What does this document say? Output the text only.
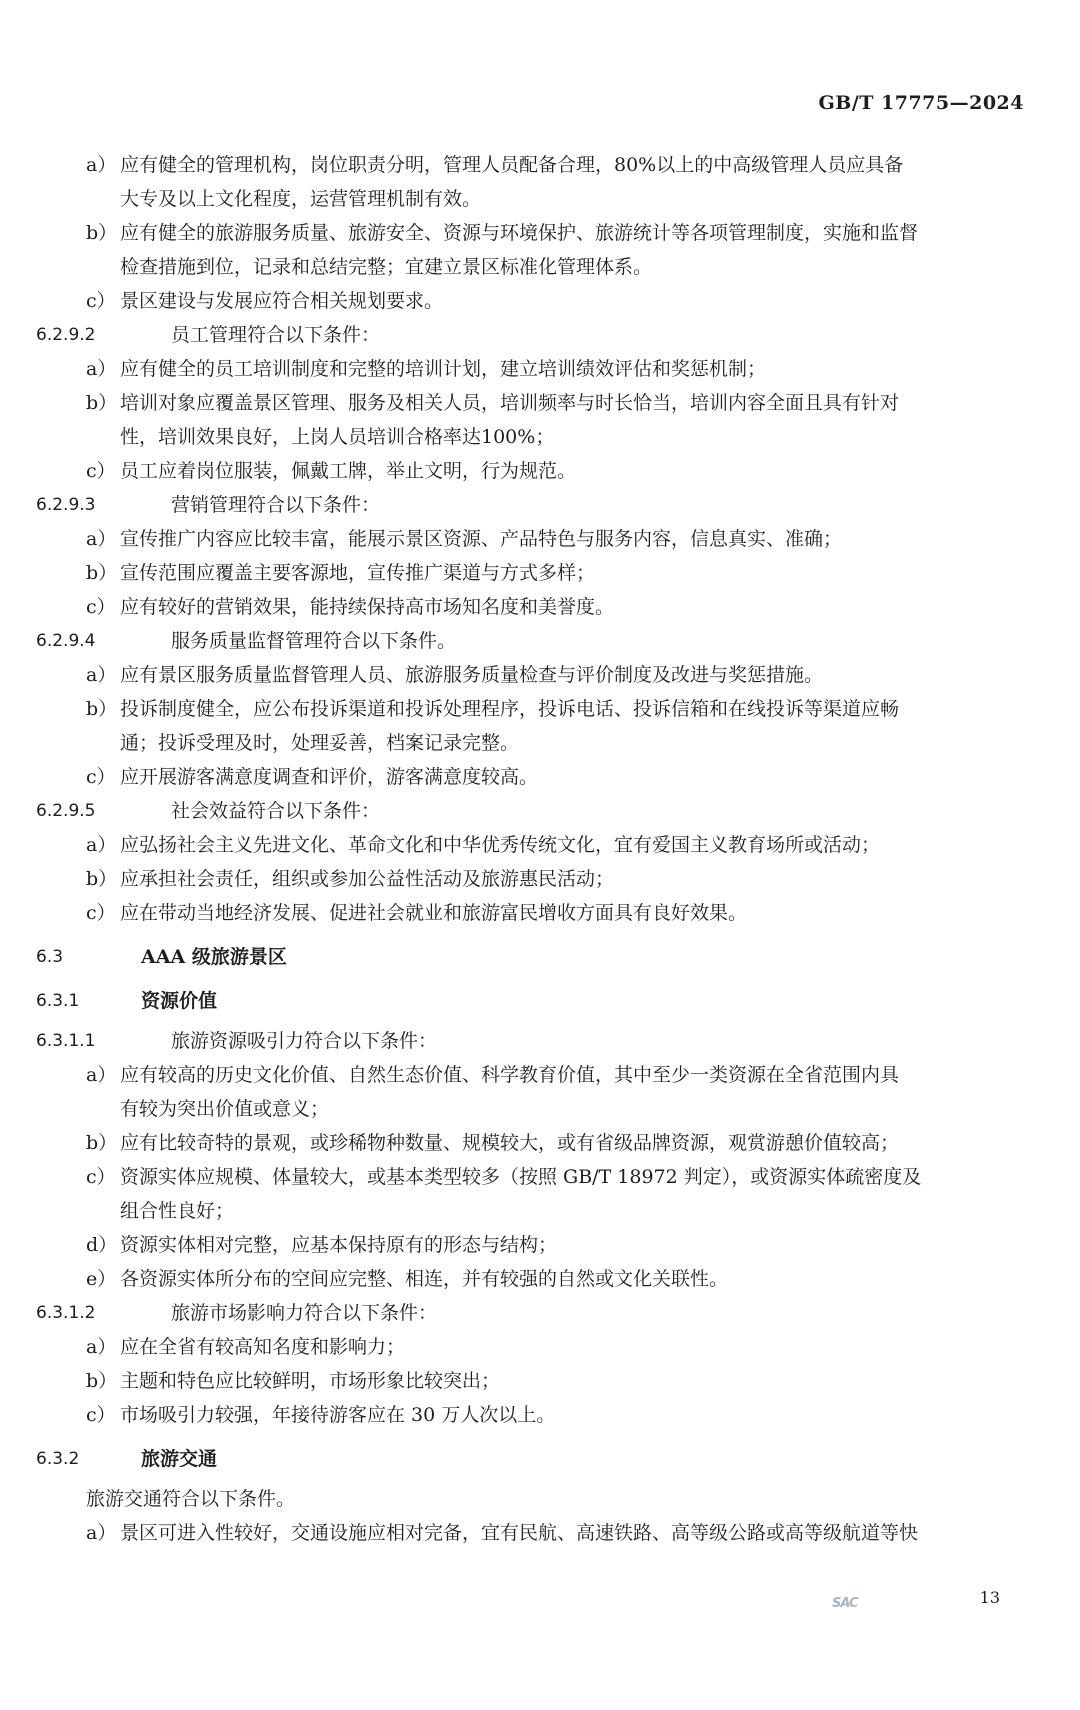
GB/T 17775—2024
a） 应有健全的管理机构，岗位职责分明，管理人员配备合理，80%以上的中高级管理人员应具备
大专及以上文化程度，运营管理机制有效。
b） 应有健全的旅游服务质量、旅游安全、资源与环境保护、旅游统计等各项管理制度，实施和监督
检查措施到位，记录和总结完整；宜建立景区标准化管理体系。
c） 景区建设与发展应符合相关规划要求。
6.2.9.2	员工管理符合以下条件：
a） 应有健全的员工培训制度和完整的培训计划，建立培训绩效评估和奖惩机制；
b） 培训对象应覆盖景区管理、服务及相关人员，培训频率与时长恰当，培训内容全面且具有针对
性，培训效果良好，上岗人员培训合格率达100%；
c） 员工应着岗位服装，佩戴工牌，举止文明，行为规范。
6.2.9.3	营销管理符合以下条件：
a） 宣传推广内容应比较丰富，能展示景区资源、产品特色与服务内容，信息真实、准确；
b） 宣传范围应覆盖主要客源地，宣传推广渠道与方式多样；
c） 应有较好的营销效果，能持续保持高市场知名度和美誉度。
6.2.9.4	服务质量监督管理符合以下条件。
a） 应有景区服务质量监督管理人员、旅游服务质量检查与评价制度及改进与奖惩措施。
b） 投诉制度健全，应公布投诉渠道和投诉处理程序，投诉电话、投诉信箱和在线投诉等渠道应畅
通；投诉受理及时，处理妥善，档案记录完整。
c） 应开展游客满意度调查和评价，游客满意度较高。
6.2.9.5	社会效益符合以下条件：
a） 应弘扬社会主义先进文化、革命文化和中华优秀传统文化，宜有爱国主义教育场所或活动；
b） 应承担社会责任，组织或参加公益性活动及旅游惠民活动；
c） 应在带动当地经济发展、促进社会就业和旅游富民增收方面具有良好效果。
6.3	AAA 级旅游景区
6.3.1	资源价值
6.3.1.1	旅游资源吸引力符合以下条件：
a） 应有较高的历史文化价值、自然生态价值、科学教育价值，其中至少一类资源在全省范围内具
有较为突出价值或意义；
b） 应有比较奇特的景观，或珍稀物种数量、规模较大，或有省级品牌资源，观赏游憩价值较高；
c） 资源实体应规模、体量较大，或基本类型较多（按照 GB/T 18972 判定），或资源实体疏密度及
组合性良好；
d） 资源实体相对完整，应基本保持原有的形态与结构；
e） 各资源实体所分布的空间应完整、相连，并有较强的自然或文化关联性。
6.3.1.2	旅游市场影响力符合以下条件：
a） 应在全省有较高知名度和影响力；
b） 主题和特色应比较鲜明，市场形象比较突出；
c） 市场吸引力较强，年接待游客应在 30 万人次以上。
6.3.2	旅游交通
旅游交通符合以下条件。
a） 景区可进入性较好，交通设施应相对完备，宜有民航、高速铁路、高等级公路或高等级航道等快
SAC	13
